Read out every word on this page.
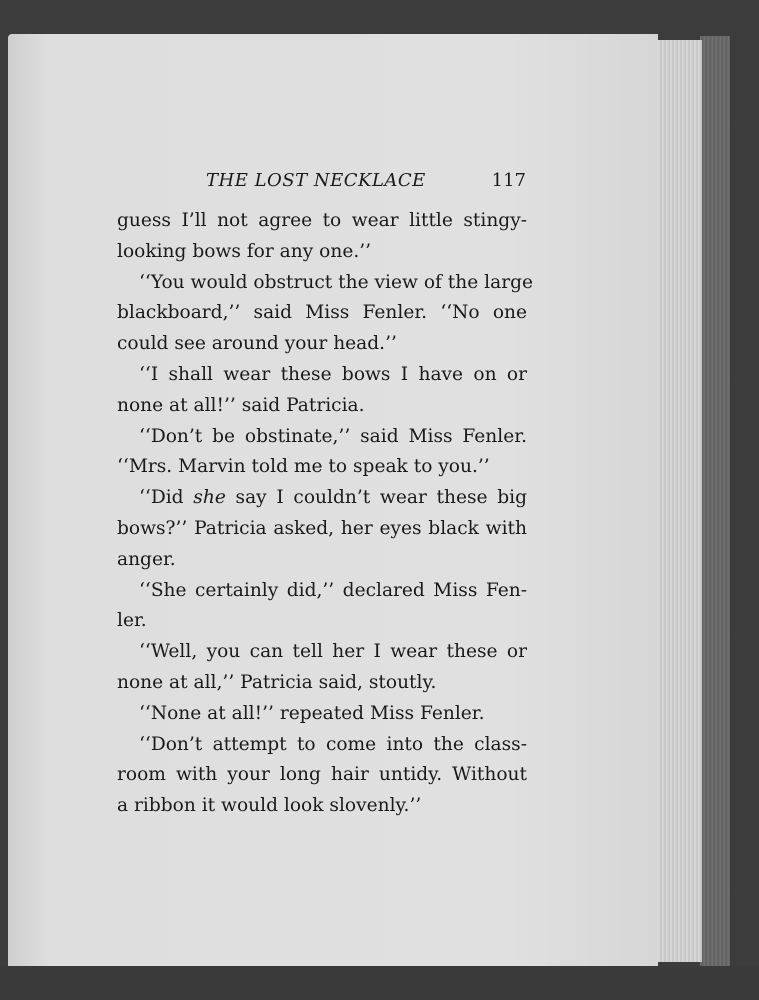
THE LOST NECKLACE	117
guess I’ll not agree to wear little stingy-
looking bows for any one.’’
‘‘You would obstruct the view of the large
blackboard,’’ said Miss Fenler. ‘‘No one
could see around your head.’’
‘‘I shall wear these bows I have on or
none at all!’’ said Patricia.
‘‘Don’t be obstinate,’’ said Miss Fenler.
‘‘Mrs. Marvin told me to speak to you.’’
‘‘Did she say I couldn’t wear these big
bows?’’ Patricia asked, her eyes black with
anger.
‘‘She certainly did,’’ declared Miss Fen-
ler.
‘‘Well, you can tell her I wear these or
none at all,’’ Patricia said, stoutly.
‘‘None at all!’’ repeated Miss Fenler.
‘‘Don’t attempt to come into the class-
room with your long hair untidy. Without
a ribbon it would look slovenly.’’
